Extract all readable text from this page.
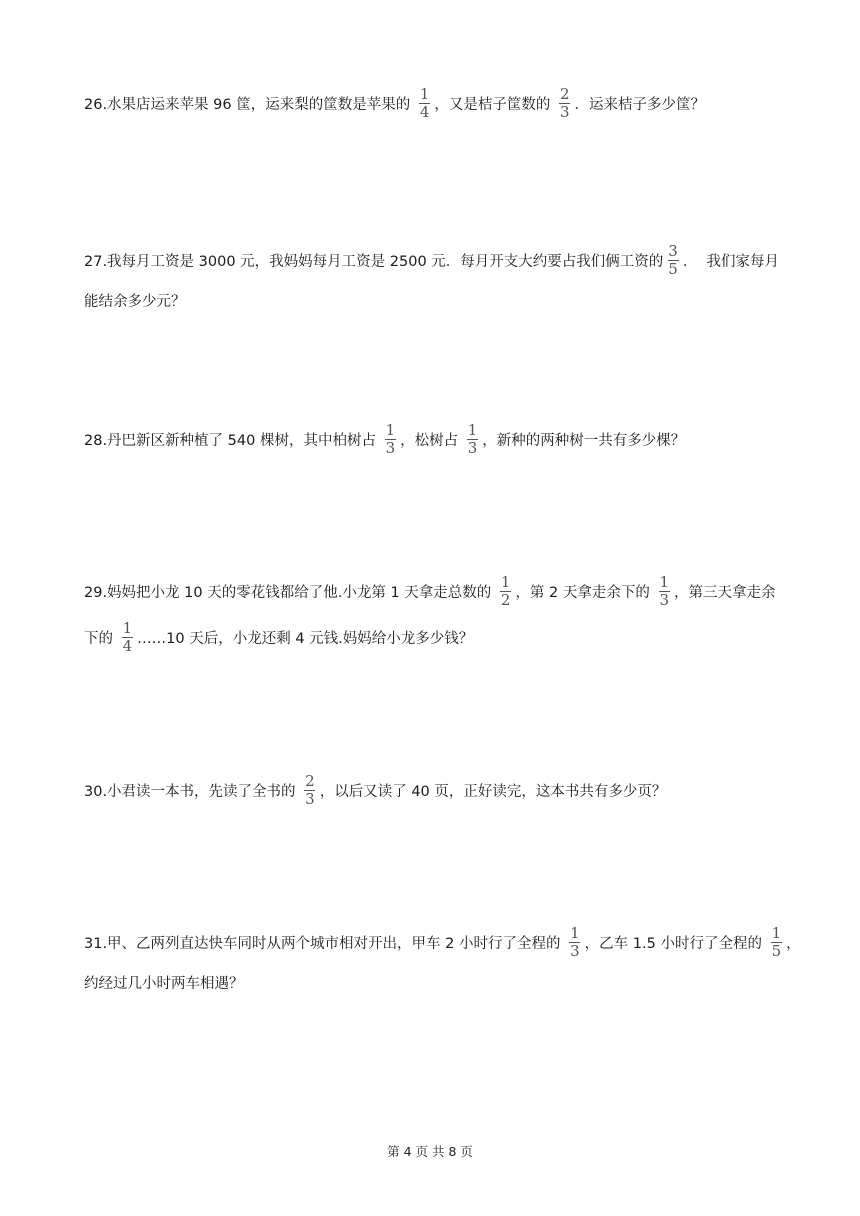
26.水果店运来苹果 96 筐，运来梨的筐数是苹果的 $\frac{1}{4}$ ，又是桔子筐数的 $\frac{2}{3}$ ．运来桔子多少筐？
27.我每月工资是 3000 元，我妈妈每月工资是 2500 元．每月开支大约要占我们俩工资的 $\frac{3}{5}$ ．  我们家每月
能结余多少元？
28.丹巴新区新种植了 540 棵树，其中柏树占 $\frac{1}{3}$ ，松树占 $\frac{1}{3}$ ，新种的两种树一共有多少棵？
29.妈妈把小龙 10 天的零花钱都给了他.小龙第 1 天拿走总数的 $\frac{1}{2}$ ，第 2 天拿走余下的 $\frac{1}{3}$ ，第三天拿走余
下的 $\frac{1}{4}$ ……10 天后，小龙还剩 4 元钱.妈妈给小龙多少钱？
30.小君读一本书，先读了全书的 $\frac{2}{3}$ ，以后又读了 40 页，正好读完，这本书共有多少页？
31.甲、乙两列直达快车同时从两个城市相对开出，甲车 2 小时行了全程的 $\frac{1}{3}$ ，乙车 1.5 小时行了全程的 $\frac{1}{5}$ ，
约经过几小时两车相遇？
第 4 页 共 8 页
